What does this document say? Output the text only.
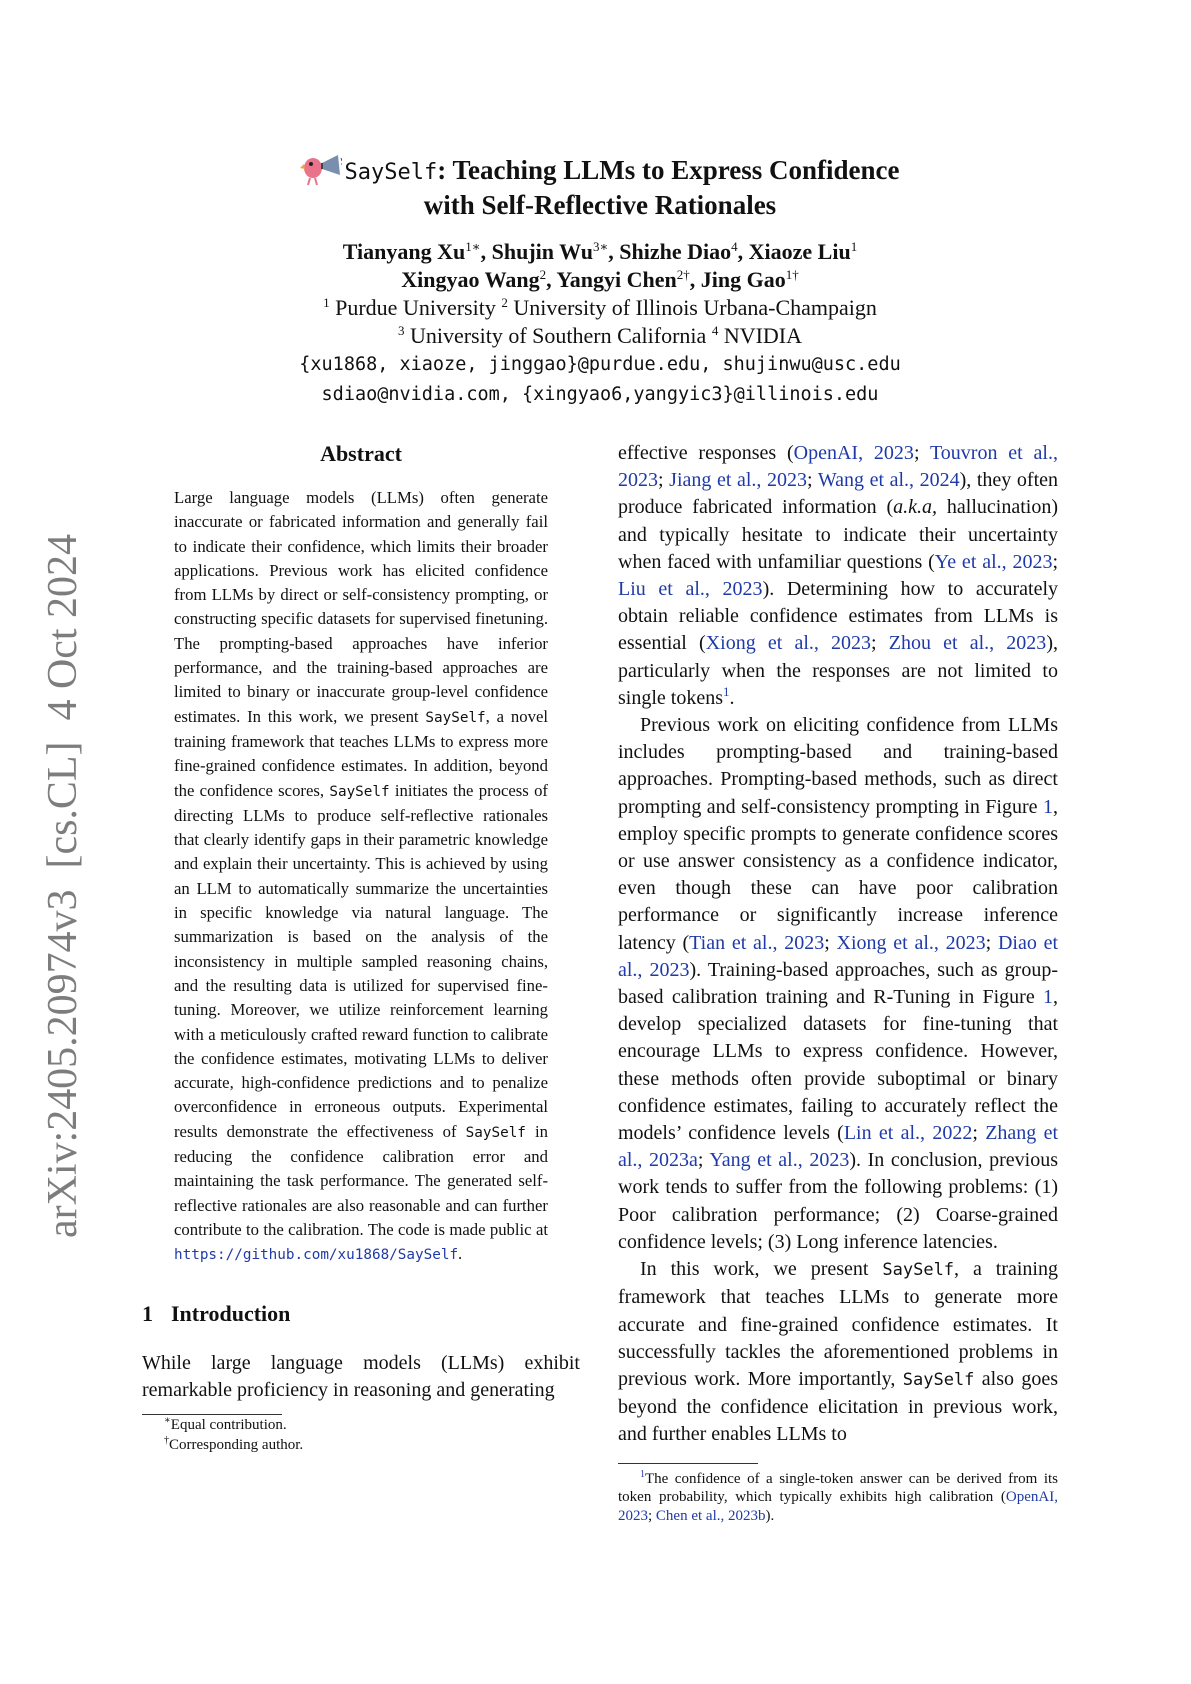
arXiv:2405.20974v3  [cs.CL]  4 Oct 2024
SaySelf: Teaching LLMs to Express Confidence
with Self-Reflective Rationales
Tianyang $Xu^{1∗}$, Shujin $Wu^{3∗}$, Shizhe Diao$^4$, Xiaoze Liu$^1$
Xingyao Wang$^2$, Yangyi Chen$^{2\dagger}$, Jing Gao$^{1\dagger}$
$^1$ Purdue University $^2$ University of Illinois Urbana-Champaign
$^3$ University of Southern California $^4$ NVIDIA
{xu1868, xiaoze, jinggao}@purdue.edu, shujinwu@usc.edu
sdiao@nvidia.com, {xingyao6,yangyic3}@illinois.edu
Abstract
Large language models (LLMs) often generate inaccurate or fabricated information and generally fail to indicate their confidence, which limits their broader applications. Previous work has elicited confidence from LLMs by direct or self-consistency prompting, or constructing specific datasets for supervised finetuning. The prompting-based approaches have inferior performance, and the training-based approaches are limited to binary or inaccurate group-level confidence estimates. In this work, we present SaySelf, a novel training framework that teaches LLMs to express more fine-grained confidence estimates. In addition, beyond the confidence scores, SaySelf initiates the process of directing LLMs to produce self-reflective rationales that clearly identify gaps in their parametric knowledge and explain their uncertainty. This is achieved by using an LLM to automatically summarize the uncertainties in specific knowledge via natural language. The summarization is based on the analysis of the inconsistency in multiple sampled reasoning chains, and the resulting data is utilized for supervised fine-tuning. Moreover, we utilize reinforcement learning with a meticulously crafted reward function to calibrate the confidence estimates, motivating LLMs to deliver accurate, high-confidence predictions and to penalize overconfidence in erroneous outputs. Experimental results demonstrate the effectiveness of SaySelf in reducing the confidence calibration error and maintaining the task performance. The generated self-reflective rationales are also reasonable and can further contribute to the calibration. The code is made public at https://github.com/xu1868/SaySelf.
1 Introduction
While large language models (LLMs) exhibit remarkable proficiency in reasoning and generating
∗Equal contribution.
†Corresponding author.

effective responses (OpenAI, 2023; Touvron et al., 2023; Jiang et al., 2023; Wang et al., 2024), they often produce fabricated information (a.k.a, hallucination) and typically hesitate to indicate their uncertainty when faced with unfamiliar questions (Ye et al., 2023; Liu et al., 2023). Determining how to accurately obtain reliable confidence estimates from LLMs is essential (Xiong et al., 2023; Zhou et al., 2023), particularly when the responses are not limited to single tokens$^1$.

Previous work on eliciting confidence from LLMs includes prompting-based and training-based approaches. Prompting-based methods, such as direct prompting and self-consistency prompting in Figure 1, employ specific prompts to generate confidence scores or use answer consistency as a confidence indicator, even though these can have poor calibration performance or significantly increase inference latency (Tian et al., 2023; Xiong et al., 2023; Diao et al., 2023). Training-based approaches, such as group-based calibration training and R-Tuning in Figure 1, develop specialized datasets for fine-tuning that encourage LLMs to express confidence. However, these methods often provide suboptimal or binary confidence estimates, failing to accurately reflect the models’ confidence levels (Lin et al., 2022; Zhang et al., 2023a; Yang et al., 2023). In conclusion, previous work tends to suffer from the following problems: (1) Poor calibration performance; (2) Coarse-grained confidence levels; (3) Long inference latencies.

In this work, we present SaySelf, a training framework that teaches LLMs to generate more accurate and fine-grained confidence estimates. It successfully tackles the aforementioned problems in previous work. More importantly, SaySelf also goes beyond the confidence elicitation in previous work, and further enables LLMs to

$^1$The confidence of a single-token answer can be derived from its token probability, which typically exhibits high calibration (OpenAI, 2023; Chen et al., 2023b).
